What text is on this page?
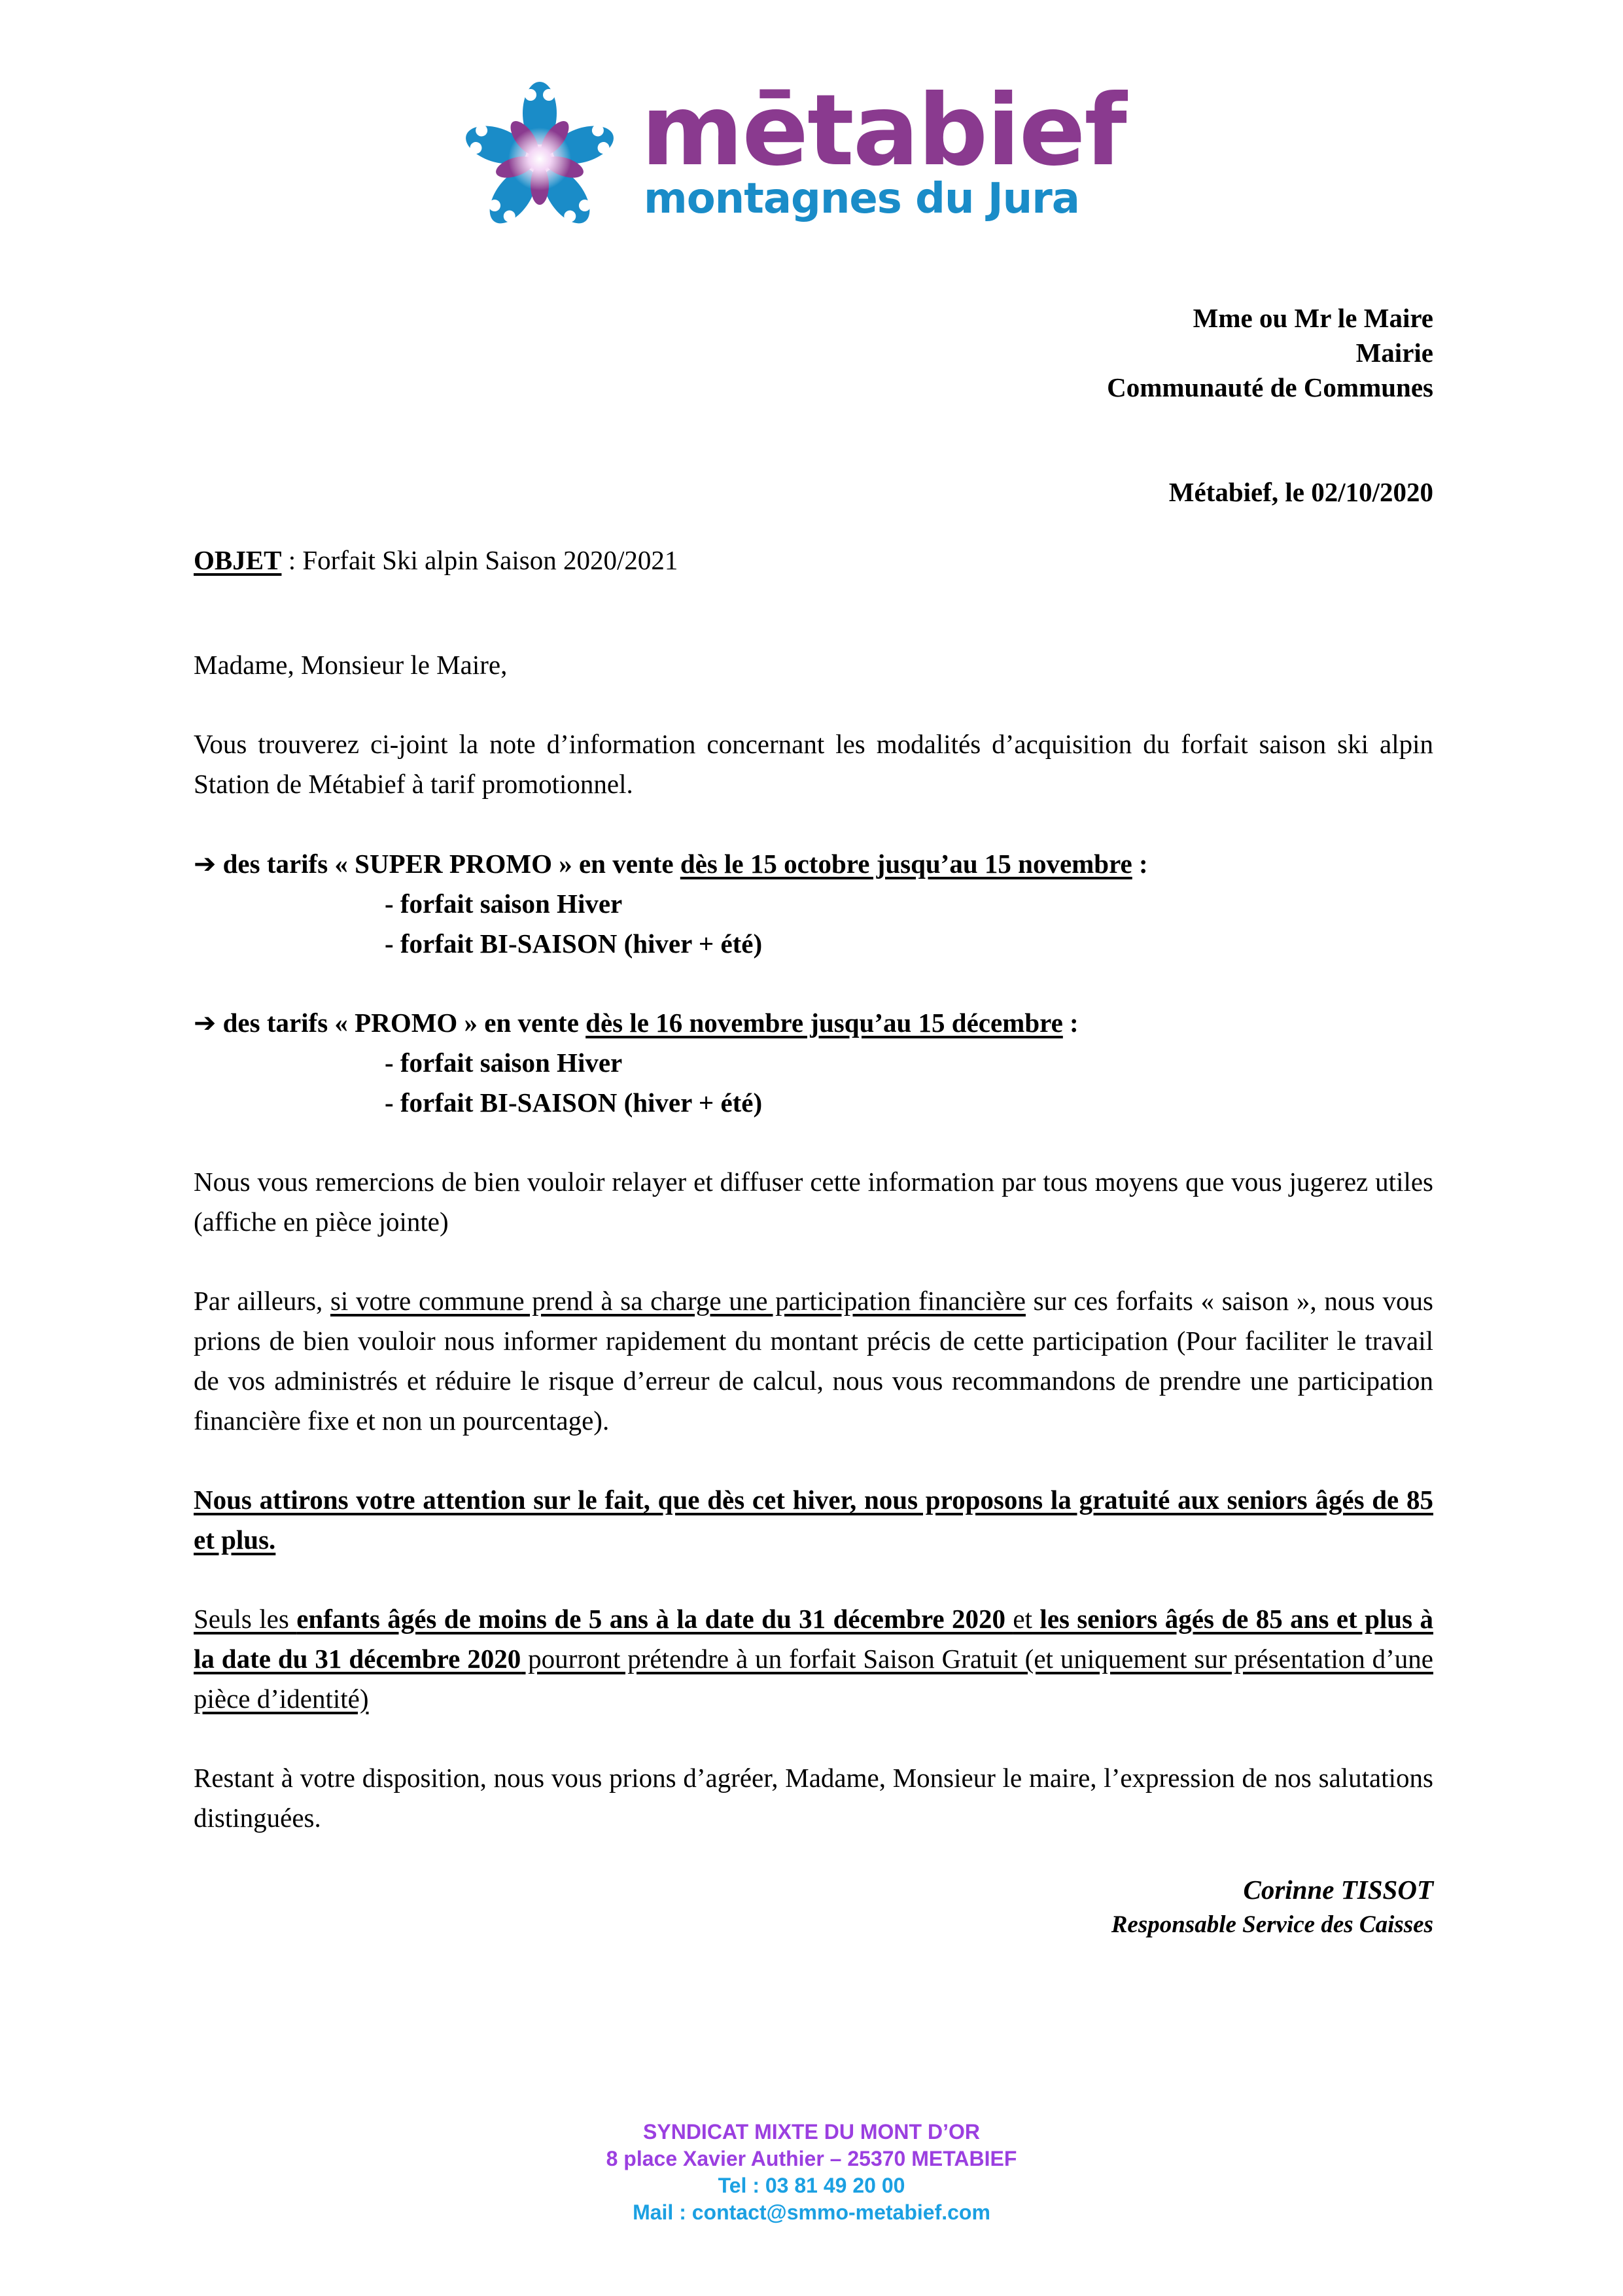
mētabief
montagnes du Jura
Mme ou Mr le Maire
Mairie
Communauté de Communes
Métabief, le 02/10/2020
OBJET : Forfait Ski alpin Saison 2020/2021
Madame, Monsieur le Maire,
Vous trouverez ci-joint la note d’information concernant les modalités d’acquisition du forfait saison ski alpin Station de Métabief à tarif promotionnel.
➔ des tarifs « SUPER PROMO » en vente dès le 15 octobre jusqu’au 15 novembre :
- forfait saison Hiver
- forfait BI-SAISON (hiver + été)
➔ des tarifs « PROMO » en vente dès le 16 novembre jusqu’au 15 décembre :
- forfait saison Hiver
- forfait BI-SAISON (hiver + été)
Nous vous remercions de bien vouloir relayer et diffuser cette information par tous moyens que vous jugerez utiles (affiche en pièce jointe)
Par ailleurs, si votre commune prend à sa charge une participation financière sur ces forfaits « saison », nous vous prions de bien vouloir nous informer rapidement du montant précis de cette participation (Pour faciliter le travail de vos administrés et réduire le risque d’erreur de calcul, nous vous recommandons de prendre une participation financière fixe et non un pourcentage).
Nous attirons votre attention sur le fait, que dès cet hiver, nous proposons la gratuité aux seniors âgés de 85 et plus.
Seuls les enfants âgés de moins de 5 ans à la date du 31 décembre 2020 et les seniors âgés de 85 ans et plus à la date du 31 décembre 2020 pourront prétendre à un forfait Saison Gratuit (et uniquement sur présentation d’une pièce d’identité)
Restant à votre disposition, nous vous prions d’agréer, Madame, Monsieur le maire, l’expression de nos salutations distinguées.
Corinne TISSOT
Responsable Service des Caisses
SYNDICAT MIXTE DU MONT D’OR
8 place Xavier Authier – 25370 METABIEF
Tel : 03 81 49 20 00
Mail : contact@smmo-metabief.com
